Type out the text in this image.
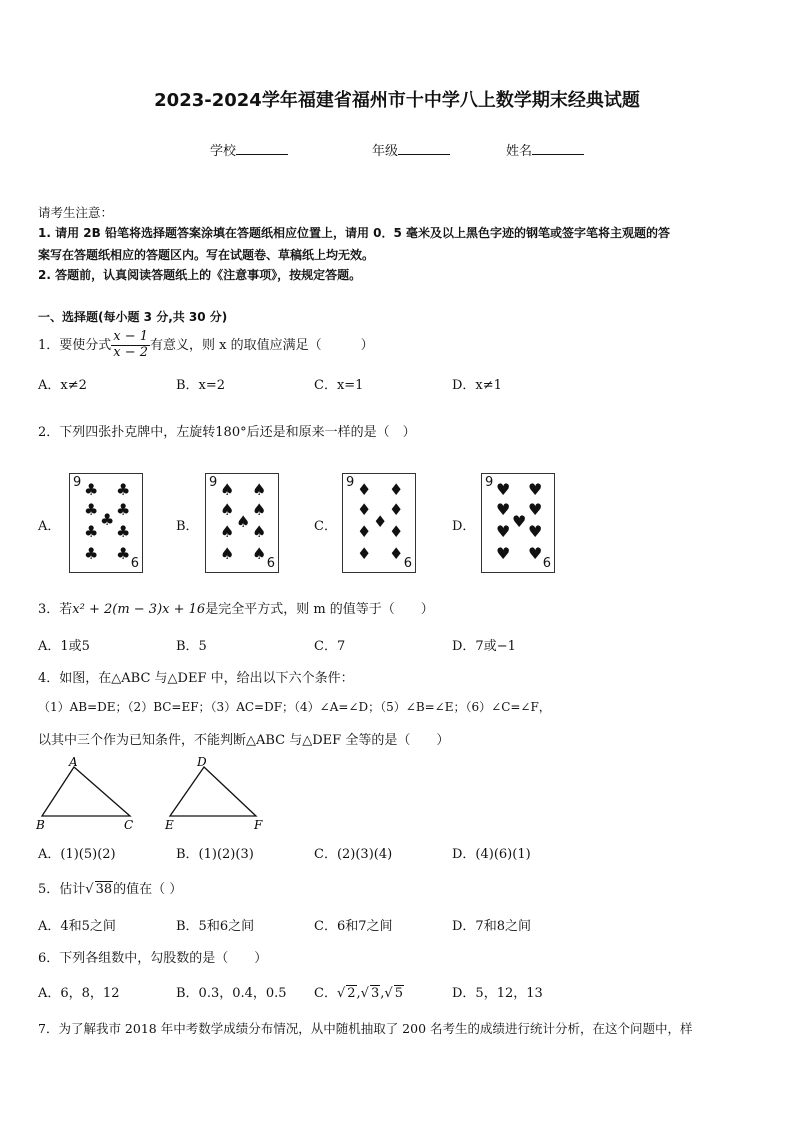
2023-2024学年福建省福州市十中学八上数学期末经典试题
学校	年级	姓名
请考生注意：
1. 请用 2B 铅笔将选择题答案涂填在答题纸相应位置上，请用 0．5 毫米及以上黑色字迹的钢笔或签字笔将主观题的答
案写在答题纸相应的答题区内。写在试题卷、草稿纸上均无效。
2. 答题前，认真阅读答题纸上的《注意事项》，按规定答题。
一、选择题(每小题 3 分,共 30 分)
1．要使分式 $\frac{x - 1}{x - 2}$ 有意义，则 x 的取值应满足（　　　）
A．x≠2	B．x=2	C．x=1	D．x≠1
2．下列四张扑克牌中，左旋转180°后还是和原来一样的是（　）
A．	B．	C．	D．
9
6
♣ ♣
♣ ♣
♣
♣ ♣
♣ ♣
9
6
♠ ♠
♠ ♠
♠
♠ ♠
♠ ♠
9
6
♦ ♦
♦ ♦
♦
♦ ♦
♦ ♦
9
6
♥ ♥
♥ ♥
♥
♥ ♥
♥ ♥
3．若x² + 2(m − 3)x + 16是完全平方式，则 m 的值等于（　　）
A．1或5	B．5	C．7	D．7或−1
4．如图，在△ABC 与△DEF 中，给出以下六个条件：
（1）AB=DE；（2）BC=EF；（3）AC=DF；（4）∠A=∠D；（5）∠B=∠E；（6）∠C=∠F，
以其中三个作为已知条件，不能判断△ABC 与△DEF 全等的是（　　）
A
B	C
D
E	F
A．(1)(5)(2)	B．(1)(2)(3)	C．(2)(3)(4)	D．(4)(6)(1)
5．估计√ 38的值在（ ）
A．4和5之间	B．5和6之间	C．6和7之间	D．7和8之间
6．下列各组数中，勾股数的是（　　）
A．6，8，12	B．0.3，0.4，0.5 C．√ 2,√ 3,√ 5	D．5，12，13
7．为了解我市 2018 年中考数学成绩分布情况，从中随机抽取了 200 名考生的成绩进行统计分析，在这个问题中，样
